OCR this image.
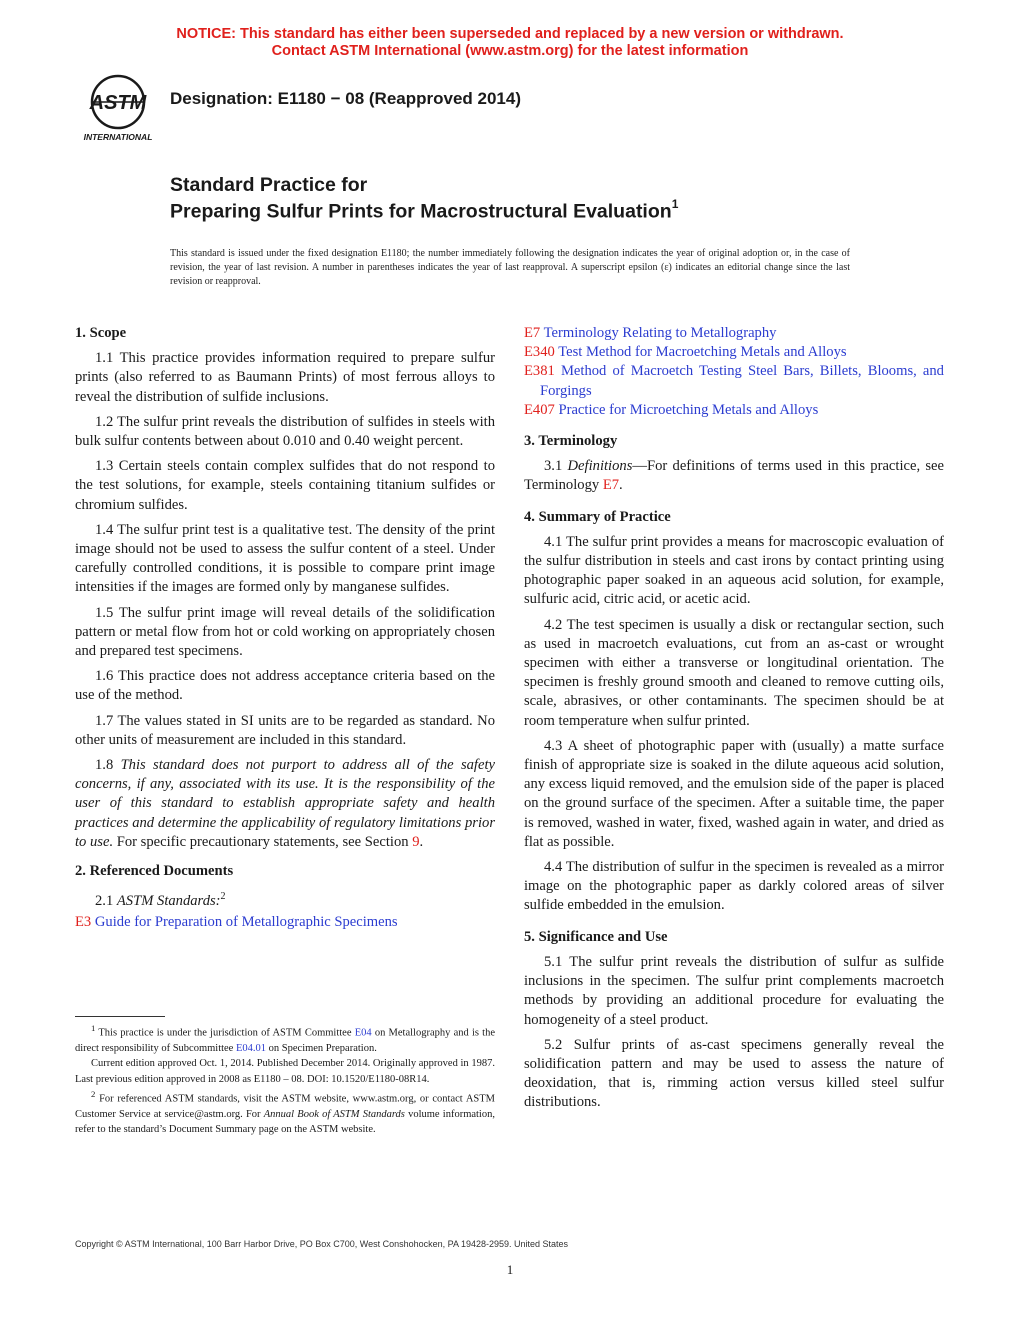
NOTICE: This standard has either been superseded and replaced by a new version or withdrawn.
Contact ASTM International (www.astm.org) for the latest information
ASTM
INTERNATIONAL
Designation: E1180 − 08 (Reapproved 2014)
Standard Practice for
Preparing Sulfur Prints for Macrostructural Evaluation$^1$
This standard is issued under the fixed designation E1180; the number immediately following the designation indicates the year of original adoption or, in the case of revision, the year of last revision. A number in parentheses indicates the year of last reapproval. A superscript epsilon (ε) indicates an editorial change since the last revision or reapproval.
1. Scope
1.1 This practice provides information required to prepare sulfur prints (also referred to as Baumann Prints) of most ferrous alloys to reveal the distribution of sulfide inclusions.
1.2 The sulfur print reveals the distribution of sulfides in steels with bulk sulfur contents between about 0.010 and 0.40 weight percent.
1.3 Certain steels contain complex sulfides that do not respond to the test solutions, for example, steels containing titanium sulfides or chromium sulfides.
1.4 The sulfur print test is a qualitative test. The density of the print image should not be used to assess the sulfur content of a steel. Under carefully controlled conditions, it is possible to compare print image intensities if the images are formed only by manganese sulfides.
1.5 The sulfur print image will reveal details of the solidification pattern or metal flow from hot or cold working on appropriately chosen and prepared test specimens.
1.6 This practice does not address acceptance criteria based on the use of the method.
1.7 The values stated in SI units are to be regarded as standard. No other units of measurement are included in this standard.
1.8 This standard does not purport to address all of the safety concerns, if any, associated with its use. It is the responsibility of the user of this standard to establish appropriate safety and health practices and determine the applicability of regulatory limitations prior to use. For specific precautionary statements, see Section 9.
2. Referenced Documents
2.1 ASTM Standards:$^2$
E3 Guide for Preparation of Metallographic Specimens
E7 Terminology Relating to Metallography
E340 Test Method for Macroetching Metals and Alloys
E381 Method of Macroetch Testing Steel Bars, Billets, Blooms, and Forgings
E407 Practice for Microetching Metals and Alloys
3. Terminology
3.1 Definitions—For definitions of terms used in this practice, see Terminology E7.
4. Summary of Practice
4.1 The sulfur print provides a means for macroscopic evaluation of the sulfur distribution in steels and cast irons by contact printing using photographic paper soaked in an aqueous acid solution, for example, sulfuric acid, citric acid, or acetic acid.
4.2 The test specimen is usually a disk or rectangular section, such as used in macroetch evaluations, cut from an as-cast or wrought specimen with either a transverse or longitudinal orientation. The specimen is freshly ground smooth and cleaned to remove cutting oils, scale, abrasives, or other contaminants. The specimen should be at room temperature when sulfur printed.
4.3 A sheet of photographic paper with (usually) a matte surface finish of appropriate size is soaked in the dilute aqueous acid solution, any excess liquid removed, and the emulsion side of the paper is placed on the ground surface of the specimen. After a suitable time, the paper is removed, washed in water, fixed, washed again in water, and dried as flat as possible.
4.4 The distribution of sulfur in the specimen is revealed as a mirror image on the photographic paper as darkly colored areas of silver sulfide embedded in the emulsion.
5. Significance and Use
5.1 The sulfur print reveals the distribution of sulfur as sulfide inclusions in the specimen. The sulfur print complements macroetch methods by providing an additional procedure for evaluating the homogeneity of a steel product.
5.2 Sulfur prints of as-cast specimens generally reveal the solidification pattern and may be used to assess the nature of deoxidation, that is, rimming action versus killed steel sulfur distributions.
$^1$ This practice is under the jurisdiction of ASTM Committee E04 on Metallography and is the direct responsibility of Subcommittee E04.01 on Specimen Preparation.
Current edition approved Oct. 1, 2014. Published December 2014. Originally approved in 1987. Last previous edition approved in 2008 as E1180 – 08. DOI: 10.1520/E1180-08R14.
$^2$ For referenced ASTM standards, visit the ASTM website, www.astm.org, or contact ASTM Customer Service at service@astm.org. For Annual Book of ASTM Standards volume information, refer to the standard’s Document Summary page on the ASTM website.
Copyright © ASTM International, 100 Barr Harbor Drive, PO Box C700, West Conshohocken, PA 19428-2959. United States
1
